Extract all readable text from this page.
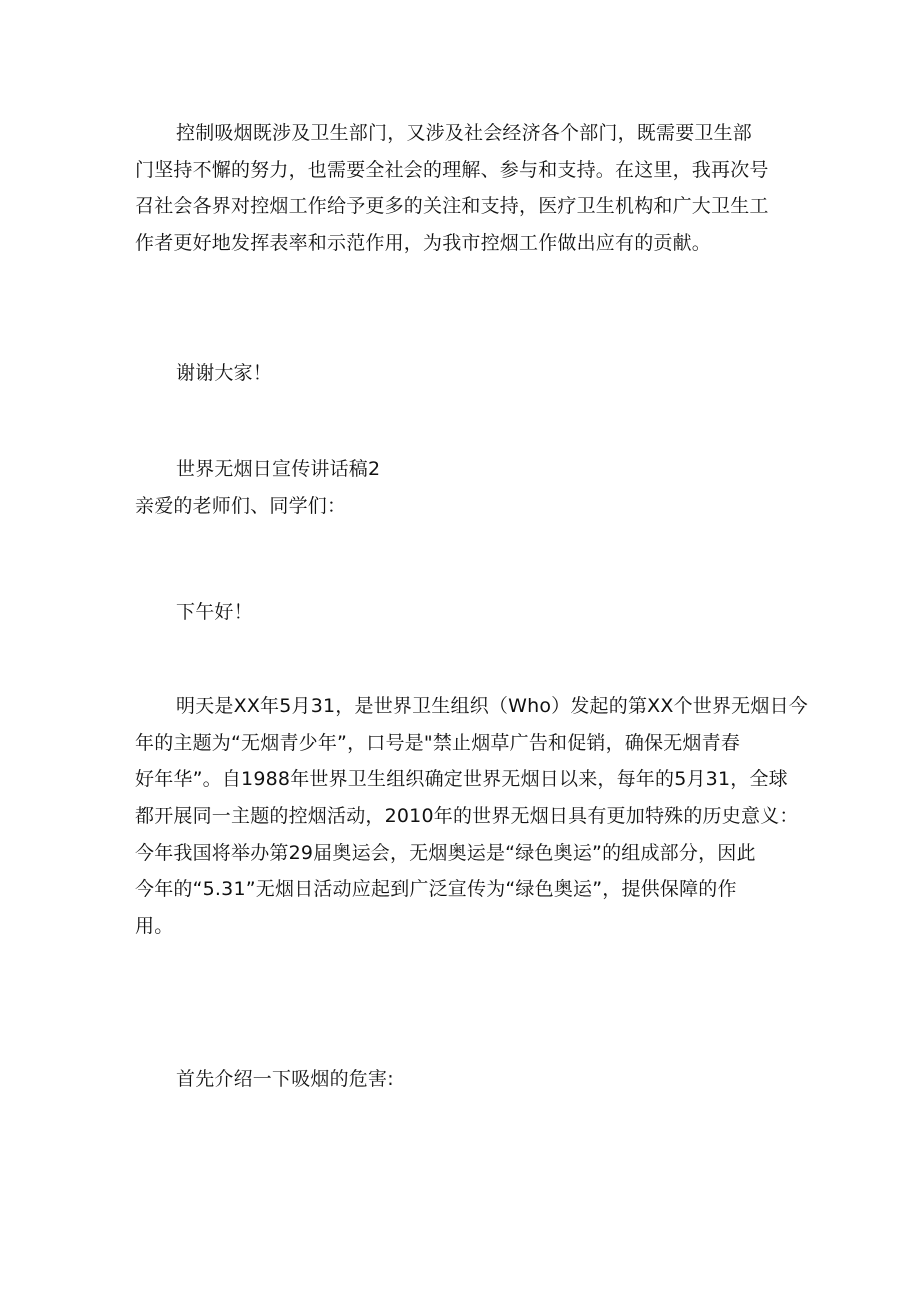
控制吸烟既涉及卫生部门，又涉及社会经济各个部门，既需要卫生部
门坚持不懈的努力，也需要全社会的理解、参与和支持。在这里，我再次号
召社会各界对控烟工作给予更多的关注和支持，医疗卫生机构和广大卫生工
作者更好地发挥表率和示范作用，为我市控烟工作做出应有的贡献。
谢谢大家！
世界无烟日宣传讲话稿2
亲爱的老师们、同学们：
下午好！
明天是XX年5月31，是世界卫生组织（Who）发起的第XX个世界无烟日今
年的主题为“无烟青少年”，口号是"禁止烟草广告和促销，确保无烟青春
好年华”。自1988年世界卫生组织确定世界无烟日以来，每年的5月31，全球
都开展同一主题的控烟活动，2010年的世界无烟日具有更加特殊的历史意义：
今年我国将举办第29届奥运会，无烟奥运是“绿色奥运”的组成部分，因此
今年的“5.31”无烟日活动应起到广泛宣传为“绿色奥运”，提供保障的作
用。
首先介绍一下吸烟的危害:
